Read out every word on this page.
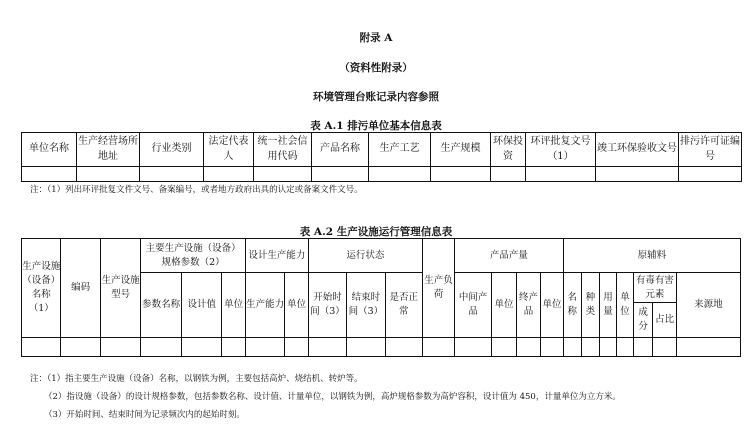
附录 A
（资料性附录）
环境管理台账记录内容参照
表 A.1 排污单位基本信息表
单位名称	生产经营场所地址	行业类别	法定代表人	统一社会信用代码	产品名称	生产工艺	生产规模	环保投资	环评批复文号（1）	竣工环保验收文号	排污许可证编号

注：（1）列出环评批复文件文号、备案编号，或者地方政府出具的认定或备案文件文号。
表 A.2 生产设施运行管理信息表
生产设施（设备）名称（1）	编码	生产设施型号	主要生产设施（设备）规格参数（2）			设计生产能力		运行状态			生产负荷	产品产量				原辅料						
			参数名称	设计值	单位	生产能力	单位	开始时间（3）	结束时间（3）	是否正常		中间产品	单位	终产品	单位	名称	种类	用量	单位	有毒有害元素		来源地
																				成分	占比	

注：（1）指主要生产设施（设备）名称，以钢铁为例，主要包括高炉、烧结机、转炉等。
（2）指设施（设备）的设计规格参数，包括参数名称、设计值、计量单位，以钢铁为例，高炉规格参数为高炉容积，设计值为 450，计量单位为立方米。
（3）开始时间、结束时间为记录频次内的起始时刻。
